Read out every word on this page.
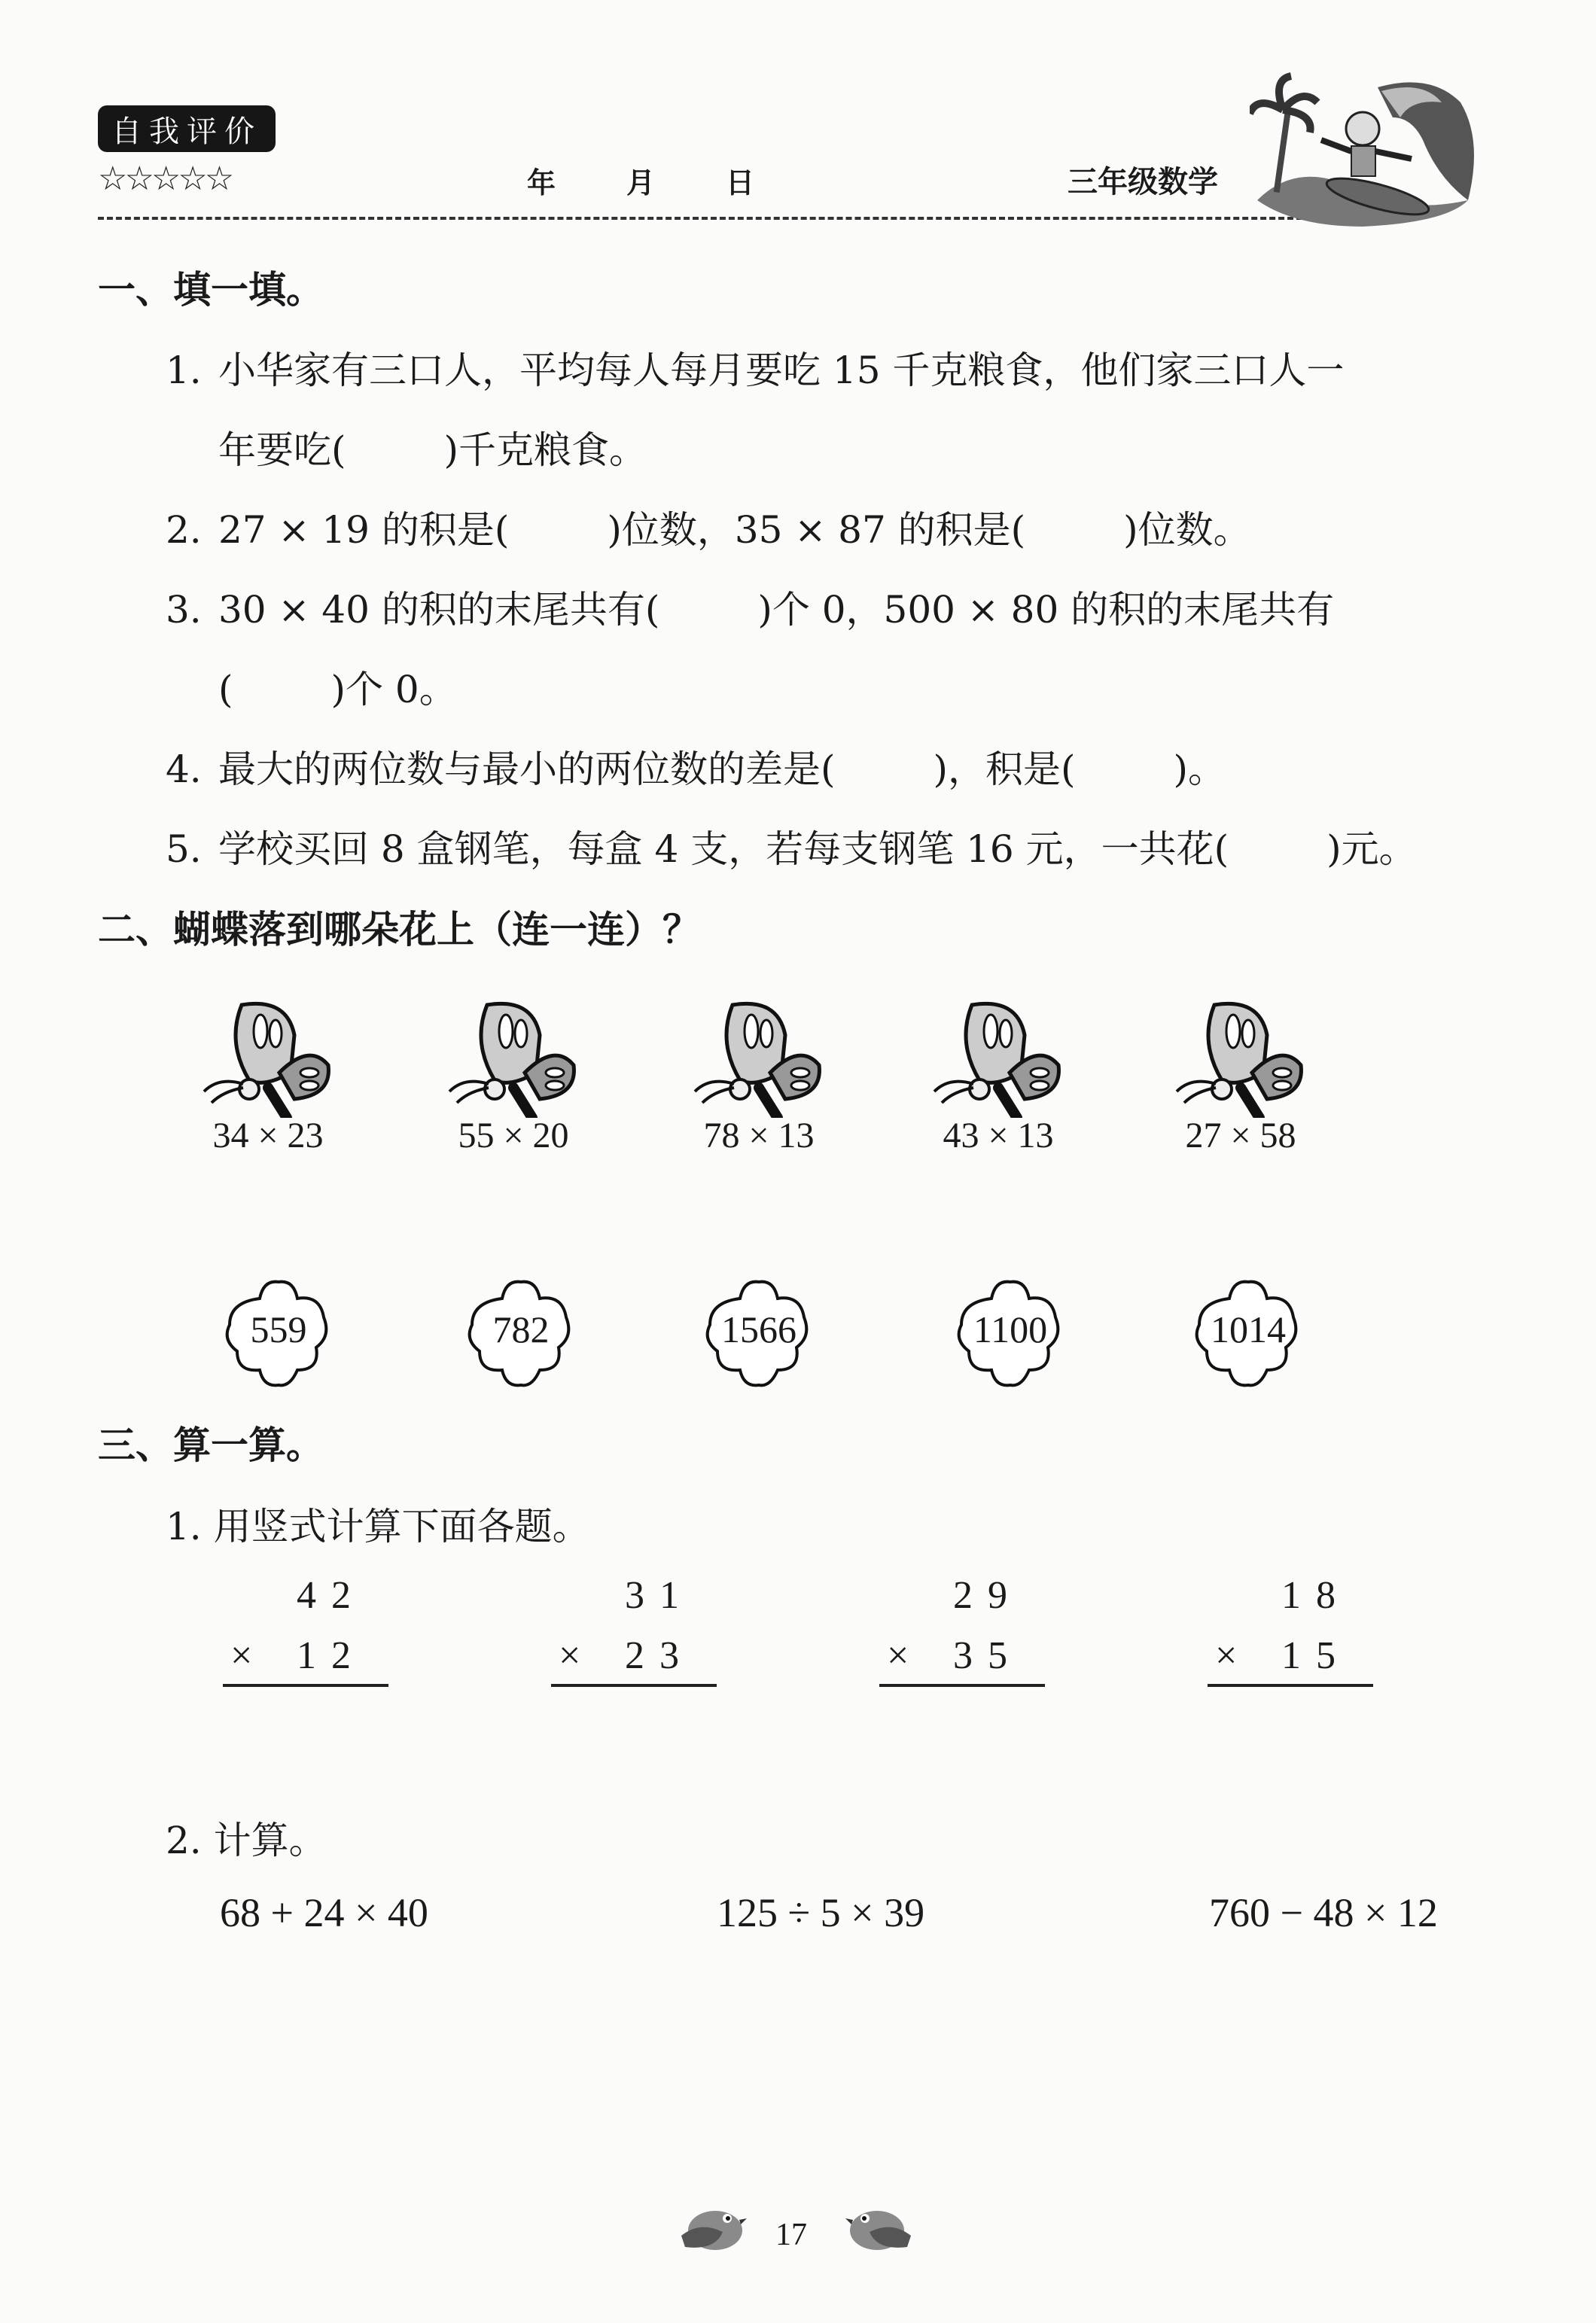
自我评价
☆☆☆☆☆	年 月 日	三年级数学
一、填一填。
1. 小华家有三口人，平均每人每月要吃 15 千克粮食，他们家三口人一
年要吃(	)千克粮食。
2. 27 × 19 的积是(	)位数，35 × 87 的积是(	)位数。
3. 30 × 40 的积的末尾共有(	)个 0，500 × 80 的积的末尾共有
(	)个 0。
4. 最大的两位数与最小的两位数的差是(	)，积是(	)。
5. 学校买回 8 盒钢笔，每盒 4 支，若每支钢笔 16 元，一共花(	)元。
二、蝴蝶落到哪朵花上（连一连）？
34 × 23	55 × 20	78 × 13	43 × 13	27 × 58
559	782	1566	1100	1014
三、算一算。
1. 用竖式计算下面各题。
42
× 12
31
× 23
29
× 35
18
× 15
2. 计算。
68 + 24 × 40	125 ÷ 5 × 39	760 − 48 × 12
17
